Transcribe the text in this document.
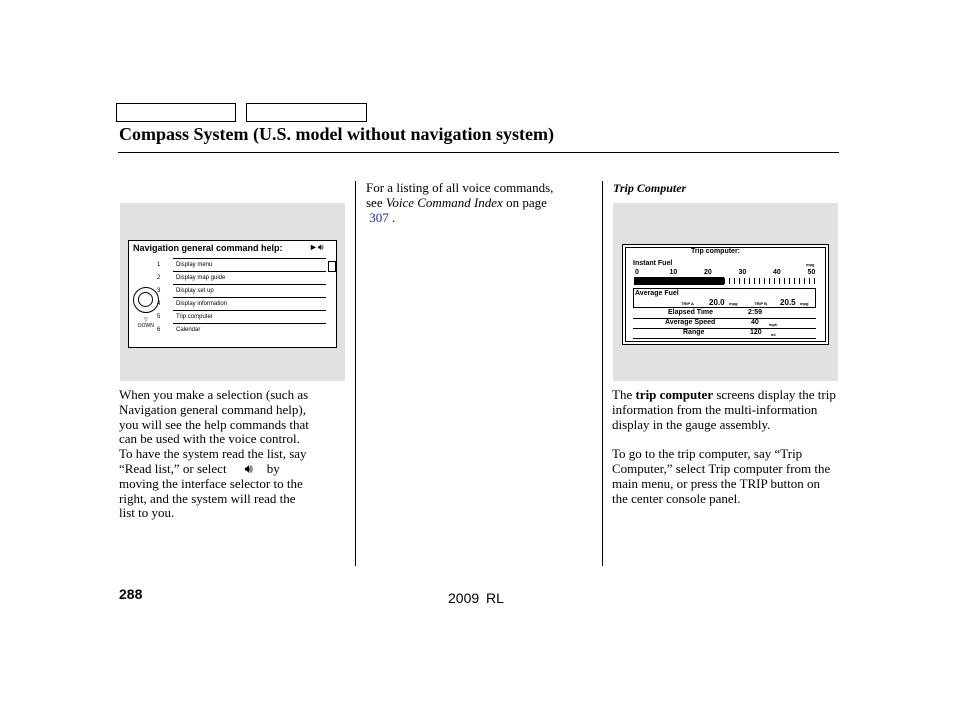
Compass System (U.S. model without navigation system)
Navigation general command help:	►🔊︎
▽
DOWN
1	Display menu
2	Display map guide
3	Display set up
4	Display information
5	Trip computer
6	Calendar
When you make a selection (such as
Navigation general command help),
you will see the help commands that
can be used with the voice control.
To have the system read the list, say
“Read list,” or select 🔊︎ by
moving the interface selector to the
right, and the system will read the
list to you.

For a listing of all voice commands,
see Voice Command Index on page
307 .
Trip Computer
Trip computer:
Instant Fuel	mpg
0	10	20	30	40	50
Average Fuel
TRIP A 20.0 mpg	TRIP B 20.5 mpg
Elapsed Time	2:59
Average Speed	40	mph
Range	120 mi

The trip computer screens display the trip information from the multi-information display in the gauge assembly.

To go to the trip computer, say “Trip Computer,” select Trip computer from the main menu, or press the TRIP button on the center console panel.

288	2009 RL
